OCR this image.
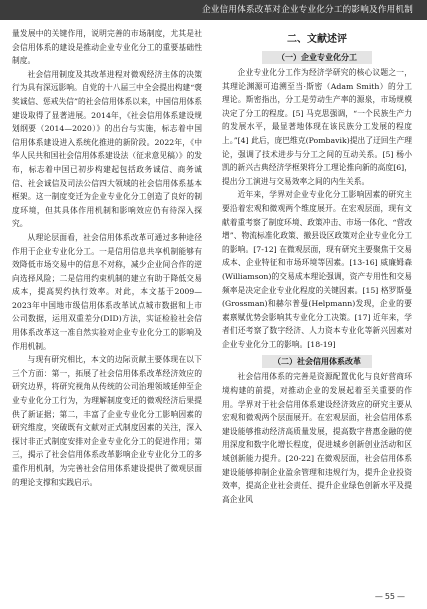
企业信用体系改革对企业专业化分工的影响及作用机制

量发展中的关键作用，说明完善的市场制度，尤其是社会信用体系的建设是推动企业专业化分工的重要基础性制度。

社会信用制度及其改革进程对微观经济主体的决策行为具有深远影响。自党的十八届三中全会提出构建“褒奖诚信、惩戒失信”的社会信用体系以来，中国信用体系建设取得了显著进展。2014年，《社会信用体系建设规划纲要（2014—2020）》的出台与实施，标志着中国信用体系建设进入系统化推进的新阶段。2022年，《中华人民共和国社会信用体系建设法（征求意见稿）》的发布，标志着中国已初步构建起包括政务诚信、商务诚信、社会诚信及司法公信四大领域的社会信用体系基本框架。这一制度变迁为企业专业化分工创造了良好的制度环境，但其具体作用机制和影响效应仍有待深入探究。

从理论层面看，社会信用体系改革可通过多种途径作用于企业专业化分工。一是信用信息共享机制能够有效降低市场交易中的信息不对称，减少企业间合作的逆向选择风险；二是信用约束机制的建立有助于降低交易成本，提高契约执行效率。对此，本文基于2009—2023年中国地市级信用体系改革试点城市数据和上市公司数据，运用双重差分(DID)方法，实证检验社会信用体系改革这一准自然实验对企业专业化分工的影响及作用机制。

与现有研究相比，本文的边际贡献主要体现在以下三个方面：第一，拓展了社会信用体系改革经济效应的研究边界，将研究视角从传统的公司治理领域延伸至企业专业化分工行为，为理解制度变迁的微观经济后果提供了新证据；第二，丰富了企业专业化分工影响因素的研究维度，突破既有文献对正式制度因素的关注，深入探讨非正式制度安排对企业专业化分工的促进作用；第三，揭示了社会信用体系改革影响企业专业化分工的多重作用机制，为完善社会信用体系建设提供了微观层面的理论支撑和实践启示。

二、文献述评
（一）企业专业化分工

企业专业化分工作为经济学研究的核心议题之一，其理论渊源可追溯至当·斯密（Adam Smith）的分工理论。斯密指出，分工是劳动生产率的源泉，市场规模决定了分工的程度。[5] 马克思强调，“一个民族生产力的发展水平，最显著地体现在该民族分工发展的程度上。”[4] 此后，庞巴维克(Pombavik)提出了迂回生产理论，强调了技术进步与分工之间的互动关系。[5] 杨小凯的新兴古典经济学框架将分工理论推向新的高度[6]，提出分工演进与交易效率之间的内生关系。

近年来，学界对企业专业化分工影响因素的研究主要沿着宏观和微观两个维度展开。在宏观层面，现有文献着重考察了制度环境、政策冲击、市场一体化、“营改增”、物流标准化政策、撤县设区政策对企业专业化分工的影响。[7-12] 在微观层面，现有研究主要聚焦于交易成本、企业特征和市场环境等因素。[13-16] 威廉姆森(Williamson)的交易成本理论强调，资产专用性和交易频率是决定企业专业化程度的关键因素。[15] 格罗斯曼(Grossman)和赫尔普曼(Helpmann)发现，企业的要素禀赋优势会影响其专业化分工决策。[17] 近年来，学者们还考察了数字经济、人力资本专业化等新兴因素对企业专业化分工的影响。[18-19]

（二）社会信用体系改革

社会信用体系的完善是资源配置优化与良好营商环境构建的前提，对推动企业的发展起着至关重要的作用。学界对于社会信用体系建设经济效应的研究主要从宏观和微观两个层面展开。在宏观层面，社会信用体系建设能够推动经济高质量发展，提高数字普惠金融的使用深度和数字化增长程度，促进城乡创新创业活动和区域创新能力提升。[20-22] 在微观层面，社会信用体系建设能够抑制企业盈余管理和违规行为，提升企业投资效率，提高企业社会责任、提升企业绿色创新水平及提高企业风

— 55 —
